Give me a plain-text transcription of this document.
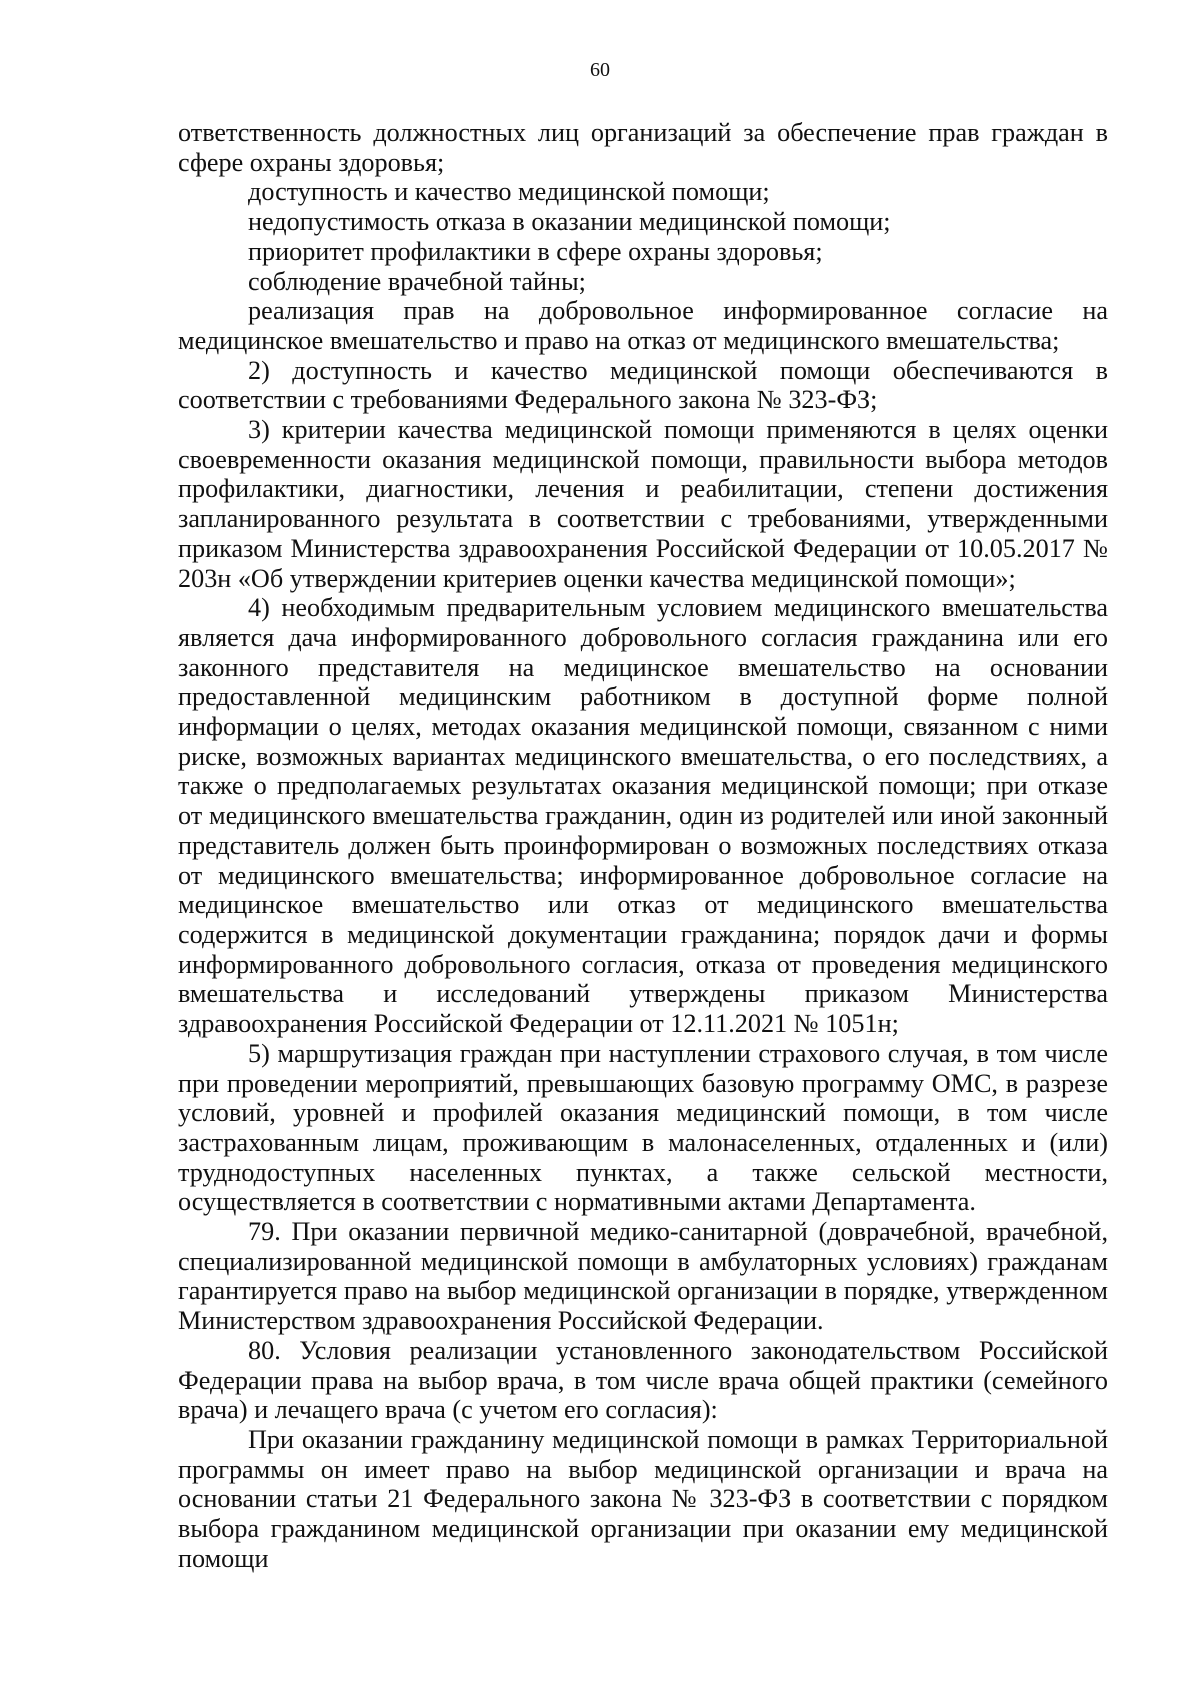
60

ответственность должностных лиц организаций за обеспечение прав граждан в сфере охраны здоровья;

доступность и качество медицинской помощи;

недопустимость отказа в оказании медицинской помощи;

приоритет профилактики в сфере охраны здоровья;

соблюдение врачебной тайны;

реализация прав на добровольное информированное согласие на медицинское вмешательство и право на отказ от медицинского вмешательства;

2) доступность и качество медицинской помощи обеспечиваются в соответствии с требованиями Федерального закона № 323-ФЗ;

3) критерии качества медицинской помощи применяются в целях оценки своевременности оказания медицинской помощи, правильности выбора методов профилактики, диагностики, лечения и реабилитации, степени достижения запланированного результата в соответствии с требованиями, утвержденными приказом Министерства здравоохранения Российской Федерации от 10.05.2017 № 203н «Об утверждении критериев оценки качества медицинской помощи»;

4) необходимым предварительным условием медицинского вмешательства является дача информированного добровольного согласия гражданина или его законного представителя на медицинское вмешательство на основании предоставленной медицинским работником в доступной форме полной информации о целях, методах оказания медицинской помощи, связанном с ними риске, возможных вариантах медицинского вмешательства, о его последствиях, а также о предполагаемых результатах оказания медицинской помощи; при отказе от медицинского вмешательства гражданин, один из родителей или иной законный представитель должен быть проинформирован о возможных последствиях отказа от медицинского вмешательства; информированное добровольное согласие на медицинское вмешательство или отказ от медицинского вмешательства содержится в медицинской документации гражданина; порядок дачи и формы информированного добровольного согласия, отказа от проведения медицинского вмешательства и исследований утверждены приказом Министерства здравоохранения Российской Федерации от 12.11.2021 № 1051н;

5) маршрутизация граждан при наступлении страхового случая, в том числе при проведении мероприятий, превышающих базовую программу ОМС, в разрезе условий, уровней и профилей оказания медицинский помощи, в том числе застрахованным лицам, проживающим в малонаселенных, отдаленных и (или) труднодоступных населенных пунктах, а также сельской местности, осуществляется в соответствии с нормативными актами Департамента.

79. При оказании первичной медико-санитарной (доврачебной, врачебной, специализированной медицинской помощи в амбулаторных условиях) гражданам гарантируется право на выбор медицинской организации в порядке, утвержденном Министерством здравоохранения Российской Федерации.

80. Условия реализации установленного законодательством Российской Федерации права на выбор врача, в том числе врача общей практики (семейного врача) и лечащего врача (с учетом его согласия):

При оказании гражданину медицинской помощи в рамках Территориальной программы он имеет право на выбор медицинской организации и врача на основании статьи 21 Федерального закона № 323-ФЗ в соответствии с порядком выбора гражданином медицинской организации при оказании ему медицинской помощи
